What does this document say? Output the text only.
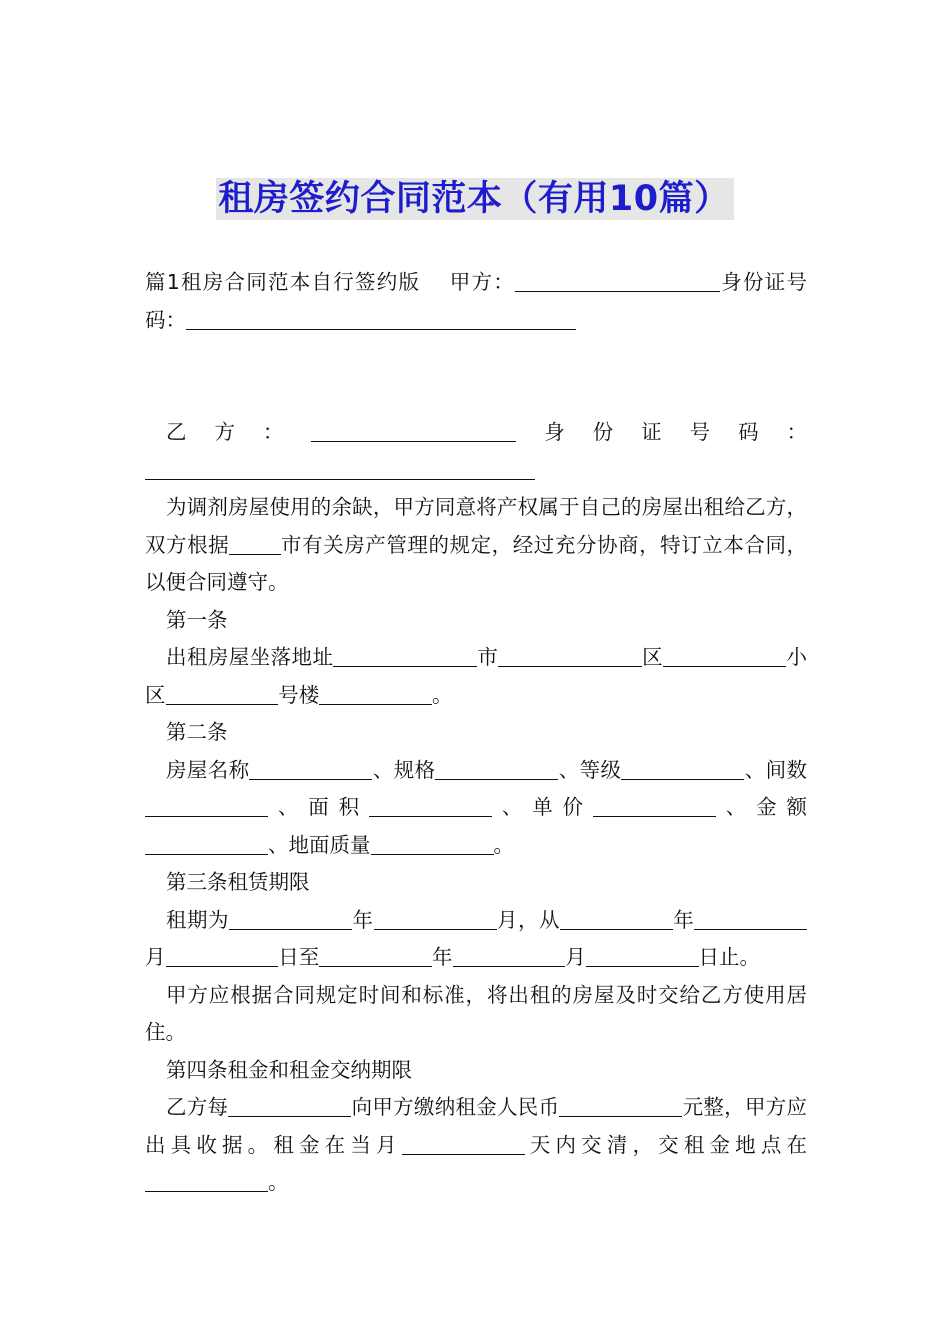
租房签约合同范本（有用10篇）

篇1租房合同范本自行签约版　 甲方：	身份证号码：

乙方：	身份证号码：

为调剂房屋使用的余缺，甲方同意将产权属于自己的房屋出租给乙方，双方根据	市有关房产管理的规定，经过充分协商，特订立本合同，以便合同遵守。

第一条

出租房屋坐落地址	市	区	小区	号楼	。

第二条

房屋名称	、规格	、等级	、间数、面积	、单价	、金额、地面质量	。

第三条租赁期限

租期为	年	月，从	年月	日至	年	月	日止。

甲方应根据合同规定时间和标准，将出租的房屋及时交给乙方使用居住。

第四条租金和租金交纳期限

乙方每	向甲方缴纳租金人民币	元整，甲方应出具收据。租金在当月	天内交清，交租金地点在。
